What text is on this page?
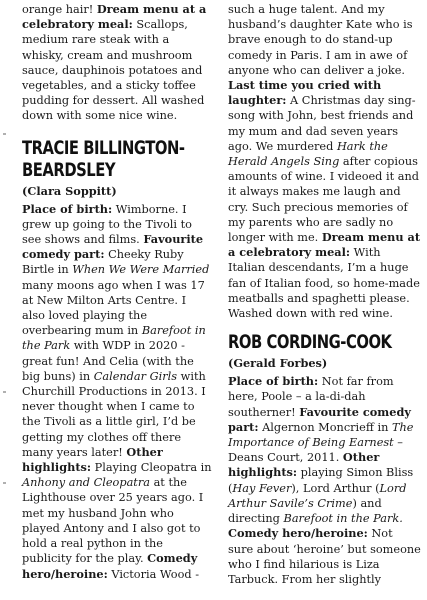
orange hair! Dream menu at a celebratory meal: Scallops, medium rare steak with a whisky, cream and mushroom sauce, dauphinois potatoes and vegetables, and a sticky toffee pudding for dessert. All washed down with some nice wine.

TRACIE BILLINGTON-BEARDSLEY
(Clara Soppitt)

Place of birth: Wimborne. I grew up going to the Tivoli to see shows and films. Favourite comedy part: Cheeky Ruby Birtle in When We Were Married many moons ago when I was 17 at New Milton Arts Centre. I also loved playing the overbearing mum in Barefoot in the Park with WDP in 2020 - great fun! And Celia (with the big buns) in Calendar Girls with Churchill Productions in 2013. I never thought when I came to the Tivoli as a little girl, I’d be getting my clothes off there many years later! Other highlights: Playing Cleopatra in Anhony and Cleopatra at the Lighthouse over 25 years ago. I met my husband John who played Antony and I also got to hold a real python in the publicity for the play. Comedy hero/heroine: Victoria Wood -

such a huge talent. And my husband’s daughter Kate who is brave enough to do stand-up comedy in Paris. I am in awe of anyone who can deliver a joke. Last time you cried with laughter: A Christmas day sing-song with John, best friends and my mum and dad seven years ago. We murdered Hark the Herald Angels Sing after copious amounts of wine. I videoed it and it always makes me laugh and cry. Such precious memories of my parents who are sadly no longer with me. Dream menu at a celebratory meal: With Italian descendants, I’m a huge fan of Italian food, so home-made meatballs and spaghetti please. Washed down with red wine.

ROB CORDING-COOK
(Gerald Forbes)

Place of birth: Not far from here, Poole – a la-di-dah southerner! Favourite comedy part: Algernon Moncrieff in The Importance of Being Earnest – Deans Court, 2011. Other highlights: playing Simon Bliss (Hay Fever), Lord Arthur (Lord Arthur Savile’s Crime) and directing Barefoot in the Park. Comedy hero/heroine: Not sure about ‘heroine’ but someone who I find hilarious is Liza Tarbuck. From her slightly
